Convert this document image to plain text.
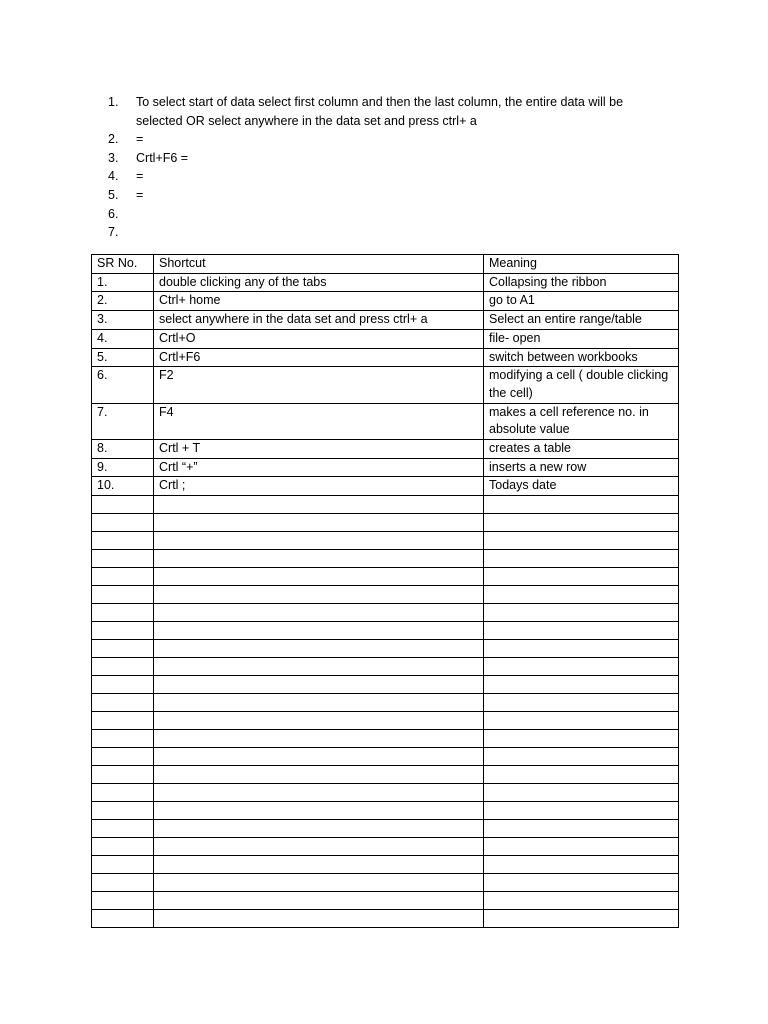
1.	To select start of data select first column and then the last column, the entire data will be selected OR select anywhere in the data set and press ctrl+ a
2.	=
3.	Crtl+F6 =
4.	=
5.	=
6.
7.
SR No.	Shortcut	Meaning
1.	double clicking any of the tabs	Collapsing the ribbon
2.	Ctrl+ home	go to A1
3.	select anywhere in the data set and press ctrl+ a	Select an entire range/table
4.	Crtl+O	file- open
5.	Crtl+F6	switch between workbooks
6.	F2	modifying a cell ( double clicking the cell)
7.	F4	makes a cell reference no. in absolute value
8.	Crtl + T	creates a table
9.	Crtl “+”	inserts a new row
10.	Crtl ;	Todays date
